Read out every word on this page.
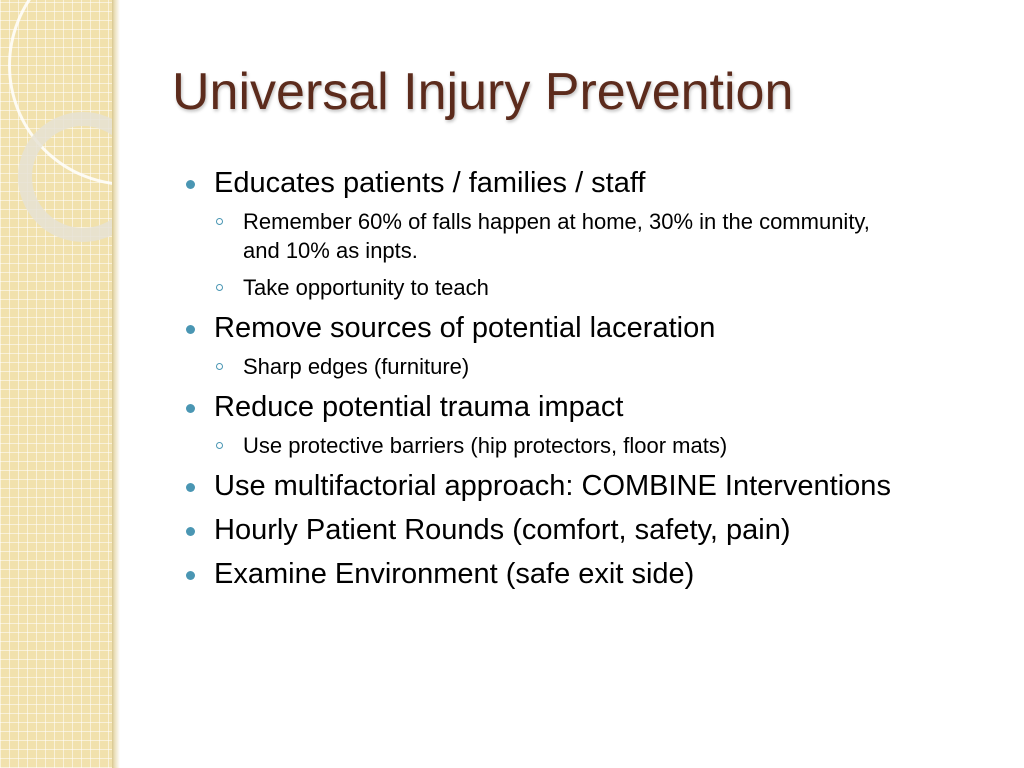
Universal Injury Prevention
Educates patients / families / staff
Remember 60% of falls happen at home, 30% in the community, and 10% as inpts.
Take opportunity to teach
Remove sources of potential laceration
Sharp edges (furniture)
Reduce potential trauma impact
Use protective barriers (hip protectors, floor mats)
Use multifactorial approach: COMBINE Interventions
Hourly Patient Rounds (comfort, safety, pain)
Examine Environment (safe exit side)
